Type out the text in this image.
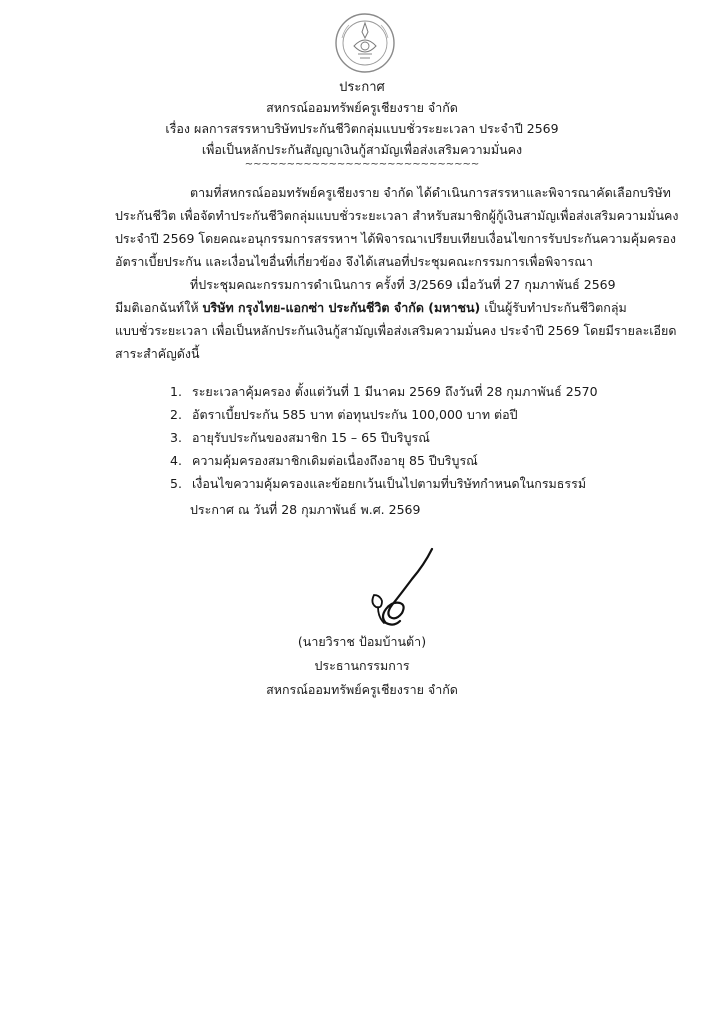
ประกาศ
สหกรณ์ออมทรัพย์ครูเชียงราย จำกัด
เรื่อง ผลการสรรหาบริษัทประกันชีวิตกลุ่มแบบชั่วระยะเวลา ประจำปี 2569
เพื่อเป็นหลักประกันสัญญาเงินกู้สามัญเพื่อส่งเสริมความมั่นคง
~~~~~~~~~~~~~~~~~~~~~~~~~~~~
ตามที่สหกรณ์ออมทรัพย์ครูเชียงราย จำกัด ได้ดำเนินการสรรหาและพิจารณาคัดเลือกบริษัท
ประกันชีวิต เพื่อจัดทำประกันชีวิตกลุ่มแบบชั่วระยะเวลา สำหรับสมาชิกผู้กู้เงินสามัญเพื่อส่งเสริมความมั่นคง
ประจำปี 2569 โดยคณะอนุกรรมการสรรหาฯ ได้พิจารณาเปรียบเทียบเงื่อนไขการรับประกันความคุ้มครอง
อัตราเบี้ยประกัน และเงื่อนไขอื่นที่เกี่ยวข้อง จึงได้เสนอที่ประชุมคณะกรรมการเพื่อพิจารณา
ที่ประชุมคณะกรรมการดำเนินการ ครั้งที่ 3/2569 เมื่อวันที่ 27 กุมภาพันธ์ 2569
มีมติเอกฉันท์ให้ บริษัท กรุงไทย-แอกซ่า ประกันชีวิต จำกัด (มหาชน) เป็นผู้รับทำประกันชีวิตกลุ่ม
แบบชั่วระยะเวลา เพื่อเป็นหลักประกันเงินกู้สามัญเพื่อส่งเสริมความมั่นคง ประจำปี 2569 โดยมีรายละเอียด
สาระสำคัญดังนี้
1. ระยะเวลาคุ้มครอง ตั้งแต่วันที่ 1 มีนาคม 2569 ถึงวันที่ 28 กุมภาพันธ์ 2570
2. อัตราเบี้ยประกัน 585 บาท ต่อทุนประกัน 100,000 บาท ต่อปี
3. อายุรับประกันของสมาชิก 15 – 65 ปีบริบูรณ์
4. ความคุ้มครองสมาชิกเดิมต่อเนื่องถึงอายุ 85 ปีบริบูรณ์
5. เงื่อนไขความคุ้มครองและข้อยกเว้นเป็นไปตามที่บริษัทกำหนดในกรมธรรม์
ประกาศ ณ วันที่ 28 กุมภาพันธ์ พ.ศ. 2569
(นายวิราช ป้อมบ้านต้า)
ประธานกรรมการ
สหกรณ์ออมทรัพย์ครูเชียงราย จำกัด
